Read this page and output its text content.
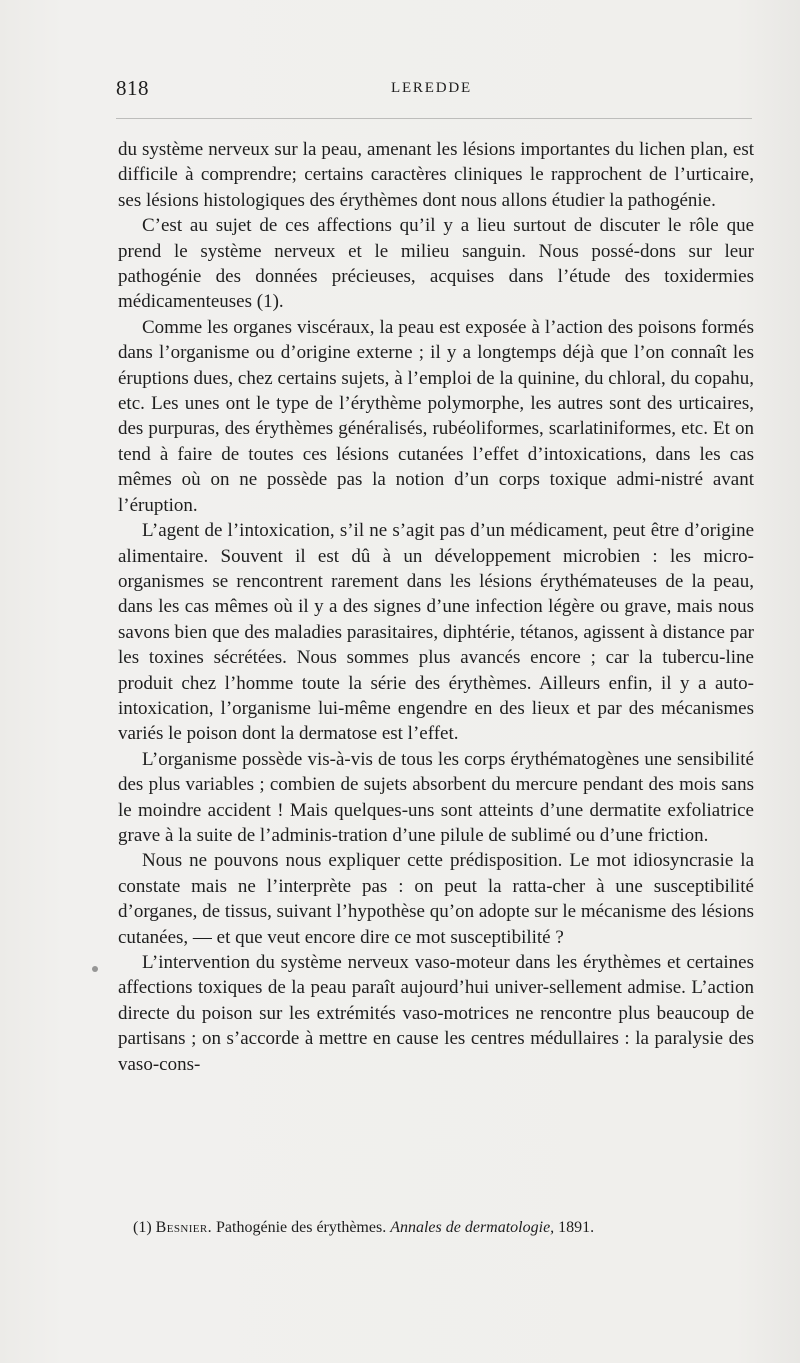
818	LEREDDE

du système nerveux sur la peau, amenant les lésions importantes du lichen plan, est difficile à comprendre; certains caractères cliniques le rapprochent de l’urticaire, ses lésions histologiques des érythèmes dont nous allons étudier la pathogénie.

C’est au sujet de ces affections qu’il y a lieu surtout de discuter le rôle que prend le système nerveux et le milieu sanguin. Nous possé-dons sur leur pathogénie des données précieuses, acquises dans l’étude des toxidermies médicamenteuses (1).

Comme les organes viscéraux, la peau est exposée à l’action des poisons formés dans l’organisme ou d’origine externe ; il y a longtemps déjà que l’on connaît les éruptions dues, chez certains sujets, à l’emploi de la quinine, du chloral, du copahu, etc. Les unes ont le type de l’érythème polymorphe, les autres sont des urticaires, des purpuras, des érythèmes généralisés, rubéoliformes, scarlatiniformes, etc. Et on tend à faire de toutes ces lésions cutanées l’effet d’intoxications, dans les cas mêmes où on ne possède pas la notion d’un corps toxique admi-nistré avant l’éruption.

L’agent de l’intoxication, s’il ne s’agit pas d’un médicament, peut être d’origine alimentaire. Souvent il est dû à un développement microbien : les micro-organismes se rencontrent rarement dans les lésions érythémateuses de la peau, dans les cas mêmes où il y a des signes d’une infection légère ou grave, mais nous savons bien que des maladies parasitaires, diphtérie, tétanos, agissent à distance par les toxines sécrétées. Nous sommes plus avancés encore ; car la tubercu-line produit chez l’homme toute la série des érythèmes. Ailleurs enfin, il y a auto-intoxication, l’organisme lui-même engendre en des lieux et par des mécanismes variés le poison dont la dermatose est l’effet.

L’organisme possède vis-à-vis de tous les corps érythématogènes une sensibilité des plus variables ; combien de sujets absorbent du mercure pendant des mois sans le moindre accident ! Mais quelques-uns sont atteints d’une dermatite exfoliatrice grave à la suite de l’adminis-tration d’une pilule de sublimé ou d’une friction.

Nous ne pouvons nous expliquer cette prédisposition. Le mot idiosyncrasie la constate mais ne l’interprète pas : on peut la ratta-cher à une susceptibilité d’organes, de tissus, suivant l’hypothèse qu’on adopte sur le mécanisme des lésions cutanées, — et que veut encore dire ce mot susceptibilité ?

L’intervention du système nerveux vaso-moteur dans les érythèmes et certaines affections toxiques de la peau paraît aujourd’hui univer-sellement admise. L’action directe du poison sur les extrémités vaso-motrices ne rencontre plus beaucoup de partisans ; on s’accorde à mettre en cause les centres médullaires : la paralysie des vaso-cons-

(1) Besnier. Pathogénie des érythèmes. Annales de dermatologie, 1891.
